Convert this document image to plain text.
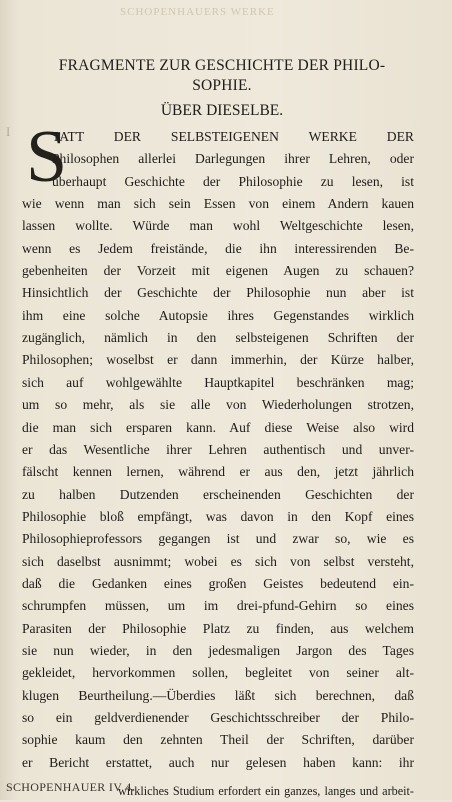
SCHOPENHAUERS WERKE
FRAGMENTE ZUR GESCHICHTE DER PHILO-
SOPHIE.
ÜBER DIESELBE.
I S
TATT DER SELBSTEIGENEN WERKE DER
Philosophen allerlei Darlegungen ihrer Lehren, oder
überhaupt Geschichte der Philosophie zu lesen, ist
wie wenn man sich sein Essen von einem Andern kauen
lassen wollte. Würde man wohl Weltgeschichte lesen,
wenn es Jedem freistände, die ihn interessirenden Be-
gebenheiten der Vorzeit mit eigenen Augen zu schauen?
Hinsichtlich der Geschichte der Philosophie nun aber ist
ihm eine solche Autopsie ihres Gegenstandes wirklich
zugänglich, nämlich in den selbsteigenen Schriften der
Philosophen; woselbst er dann immerhin, der Kürze halber,
sich auf wohlgewählte Hauptkapitel beschränken mag;
um so mehr, als sie alle von Wiederholungen strotzen,
die man sich ersparen kann. Auf diese Weise also wird
er das Wesentliche ihrer Lehren authentisch und unver-
fälscht kennen lernen, während er aus den, jetzt jährlich
zu halben Dutzenden erscheinenden Geschichten der
Philosophie bloß empfängt, was davon in den Kopf eines
Philosophieprofessors gegangen ist und zwar so, wie es
sich daselbst ausnimmt; wobei es sich von selbst versteht,
daß die Gedanken eines großen Geistes bedeutend ein-
schrumpfen müssen, um im drei-pfund-Gehirn so eines
Parasiten der Philosophie Platz zu finden, aus welchem
sie nun wieder, in den jedesmaligen Jargon des Tages
gekleidet, hervorkommen sollen, begleitet von seiner alt-
klugen Beurtheilung.—Überdies läßt sich berechnen, daß
so ein geldverdienender Geschichtsschreiber der Philo-
sophie kaum den zehnten Theil der Schriften, darüber
er Bericht erstattet, auch nur gelesen haben kann: ihr
wirkliches Studium erfordert ein ganzes, langes und arbeit-
SCHOPENHAUER IV 4.
